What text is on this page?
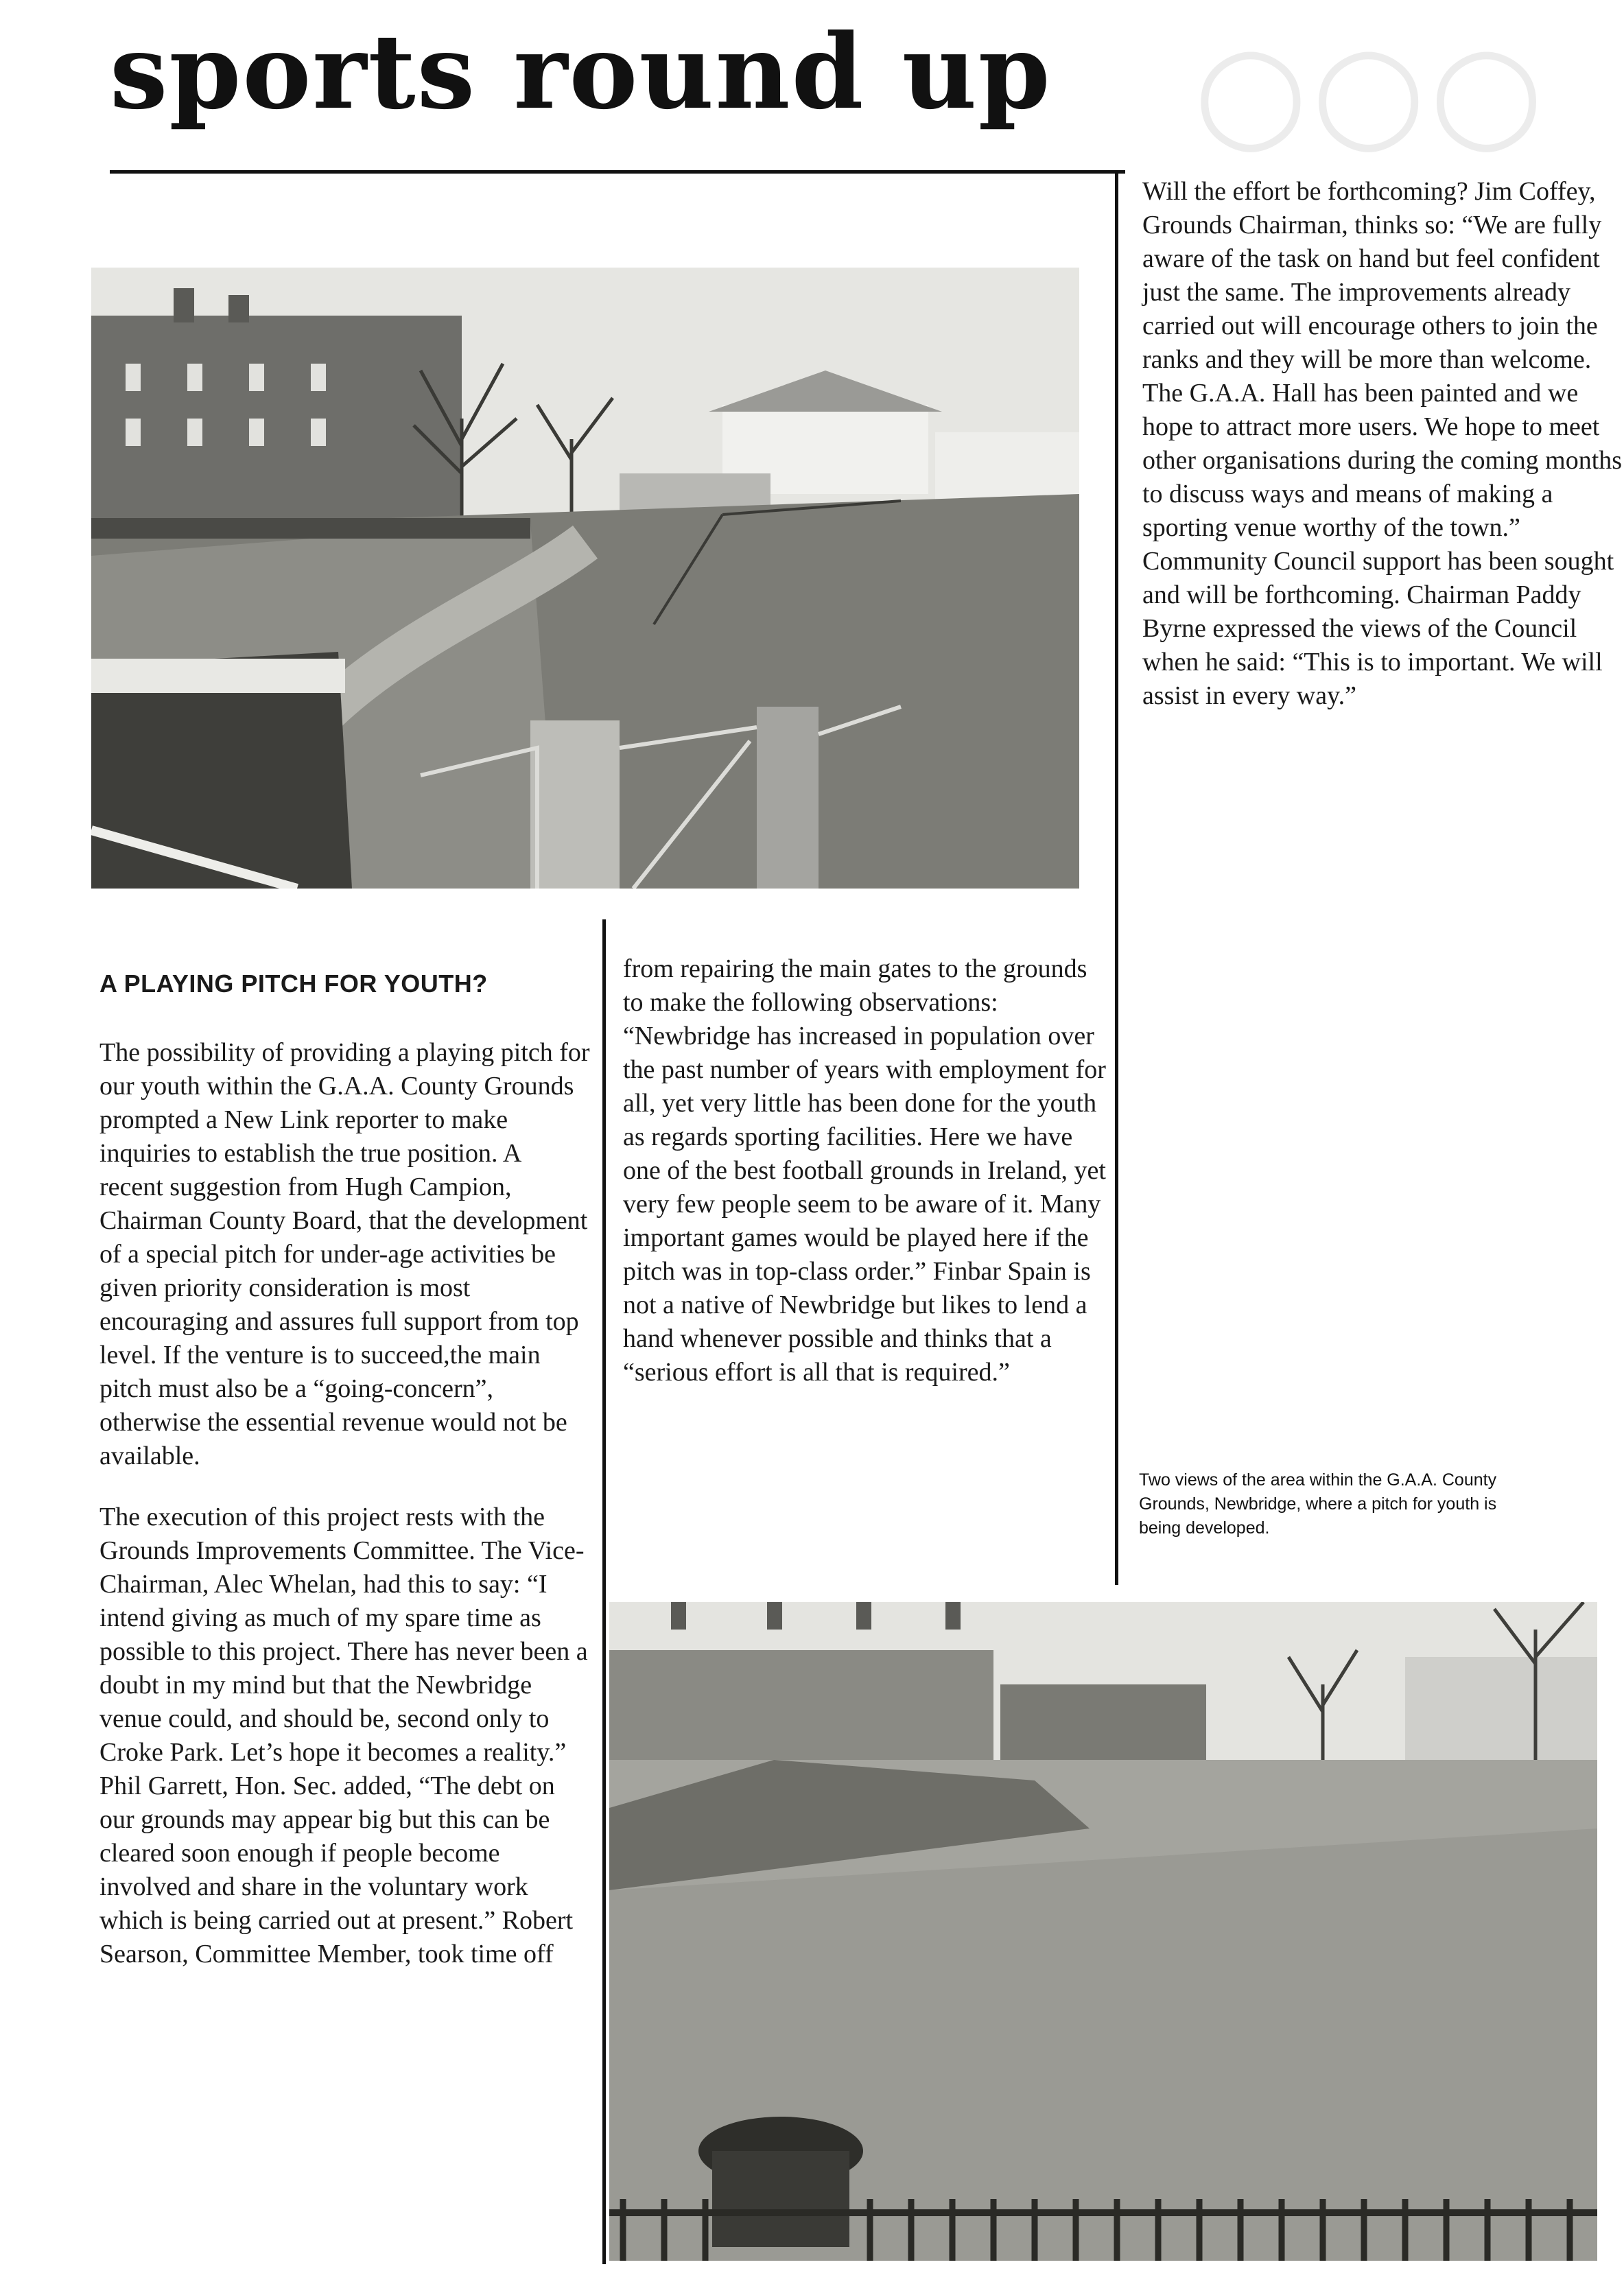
sports round up ○○○

Will the effort be forthcoming? Jim Coffey, Grounds Chairman, thinks so: “We are fully aware of the task on hand but feel confident just the same. The improvements already carried out will encourage others to join the ranks and they will be more than welcome. The G.A.A. Hall has been painted and we hope to attract more users. We hope to meet other organisations during the coming months to discuss ways and means of making a sporting venue worthy of the town.” Community Council support has been sought and will be forthcoming. Chairman Paddy Byrne expressed the views of the Council when he said: “This is to important. We will assist in every way.”

A PLAYING PITCH FOR YOUTH?

The possibility of providing a playing pitch for our youth within the G.A.A. County Grounds prompted a New Link reporter to make inquiries to establish the true position. A recent suggestion from Hugh Campion, Chairman County Board, that the development of a special pitch for under-age activities be given priority consideration is most encouraging and assures full support from top level. If the venture is to succeed,the main pitch must also be a “going-concern”, otherwise the essential revenue would not be available.

The execution of this project rests with the Grounds Improvements Committee. The Vice-Chairman, Alec Whelan, had this to say: “I intend giving as much of my spare time as possible to this project. There has never been a doubt in my mind but that the Newbridge venue could, and should be, second only to Croke Park. Let’s hope it becomes a reality.” Phil Garrett, Hon. Sec. added, “The debt on our grounds may appear big but this can be cleared soon enough if people become involved and share in the voluntary work which is being carried out at present.” Robert Searson, Committee Member, took time off

from repairing the main gates to the grounds to make the following observations: “Newbridge has increased in population over the past number of years with employment for all, yet very little has been done for the youth as regards sporting facilities. Here we have one of the best football grounds in Ireland, yet very few people seem to be aware of it. Many important games would be played here if the pitch was in top-class order.” Finbar Spain is not a native of Newbridge but likes to lend a hand whenever possible and thinks that a “serious effort is all that is required.”

Two views of the area within the G.A.A. County Grounds, Newbridge, where a pitch for youth is being developed.
